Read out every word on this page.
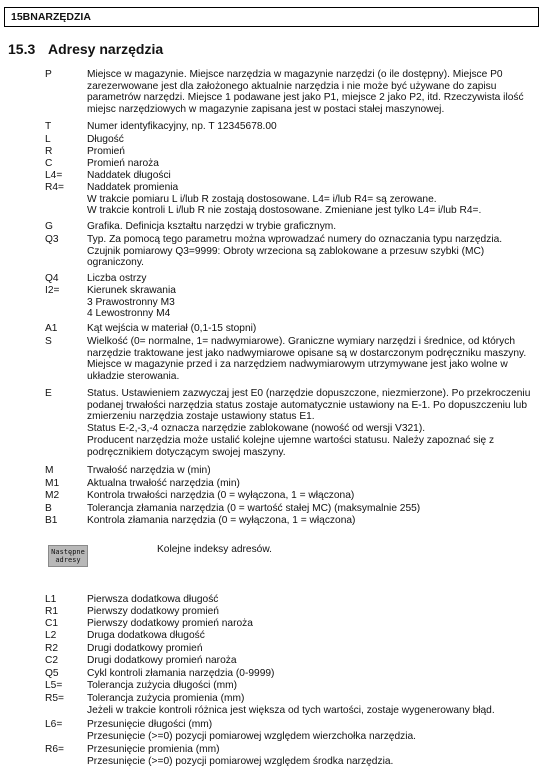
15BNARZĘDZIA
15.3 Adresy narzędzia
P	Miejsce w magazynie. Miejsce narzędzia w magazynie narzędzi (o ile dostępny). Miejsce P0 zarezerwowane jest dla założonego aktualnie narzędzia i nie może być używane do zapisu parametrów narzędzi. Miejsce 1 podawane jest jako P1, miejsce 2 jako P2, itd. Rzeczywista ilość miejsc narzędziowych w magazynie zapisana jest w postaci stałej maszynowej.
T	Numer identyfikacyjny, np. T 12345678.00
L	Długość
R	Promień
C	Promień naroża
L4= Naddatek długości
R4= Naddatek promienia
W trakcie pomiaru L i/lub R zostają dostosowane. L4= i/lub R4= są zerowane.
W trakcie kontroli L i/lub R nie zostają dostosowane. Zmieniane jest tylko L4= i/lub R4=.
G	Grafika. Definicja kształtu narzędzi w trybie graficznym.
Q3	Typ. Za pomocą tego parametru można wprowadzać numery do oznaczania typu narzędzia.
Czujnik pomiarowy Q3=9999: Obroty wrzeciona są zablokowane a przesuw szybki (MC) ograniczony.
Q4	Liczba ostrzy
I2=	Kierunek skrawania
3 Prawostronny M3
4 Lewostronny M4
A1	Kąt wejścia w materiał (0,1-15 stopni)
S	Wielkość (0= normalne, 1= nadwymiarowe). Graniczne wymiary narzędzi i średnice, od których narzędzie traktowane jest jako nadwymiarowe opisane są w dostarczonym podręczniku maszyny. Miejsce w magazynie przed i za narzędziem nadwymiarowym utrzymywane jest jako wolne w układzie sterowania.
E	Status. Ustawieniem zazwyczaj jest E0 (narzędzie dopuszczone, niezmierzone). Po przekroczeniu podanej trwałości narzędzia status zostaje automatycznie ustawiony na E-1. Po dopuszczeniu lub zmierzeniu narzędzia zostaje ustawiony status E1.
Status E-2,-3,-4 oznacza narzędzie zablokowane (nowość od wersji V321).
Producent narzędzia może ustalić kolejne ujemne wartości statusu. Należy zapoznać się z podręcznikiem dotyczącym swojej maszyny.
M	Trwałość narzędzia w (min)
M1	Aktualna trwałość narzędzia (min)
M2	Kontrola trwałości narzędzia (0 = wyłączona, 1 = włączona)
B	Tolerancja złamania narzędzia (0 = wartość stałej MC) (maksymalnie 255)
B1	Kontrola złamania narzędzia (0 = wyłączona, 1 = włączona)
Następne
adresy
Kolejne indeksy adresów.
L1	Pierwsza dodatkowa długość
R1	Pierwszy dodatkowy promień
C1	Pierwszy dodatkowy promień naroża
L2	Druga dodatkowa długość
R2	Drugi dodatkowy promień
C2	Drugi dodatkowy promień naroża
Q5	Cykl kontroli złamania narzędzia (0-9999)
L5= Tolerancja zużycia długości (mm)
R5= Tolerancja zużycia promienia (mm)
Jeżeli w trakcie kontroli różnica jest większa od tych wartości, zostaje wygenerowany błąd.
L6= Przesunięcie długości (mm)
Przesunięcie (>=0) pozycji pomiarowej względem wierzchołka narzędzia.
R6= Przesunięcie promienia (mm)
Przesunięcie (>=0) pozycji pomiarowej względem środka narzędzia.
